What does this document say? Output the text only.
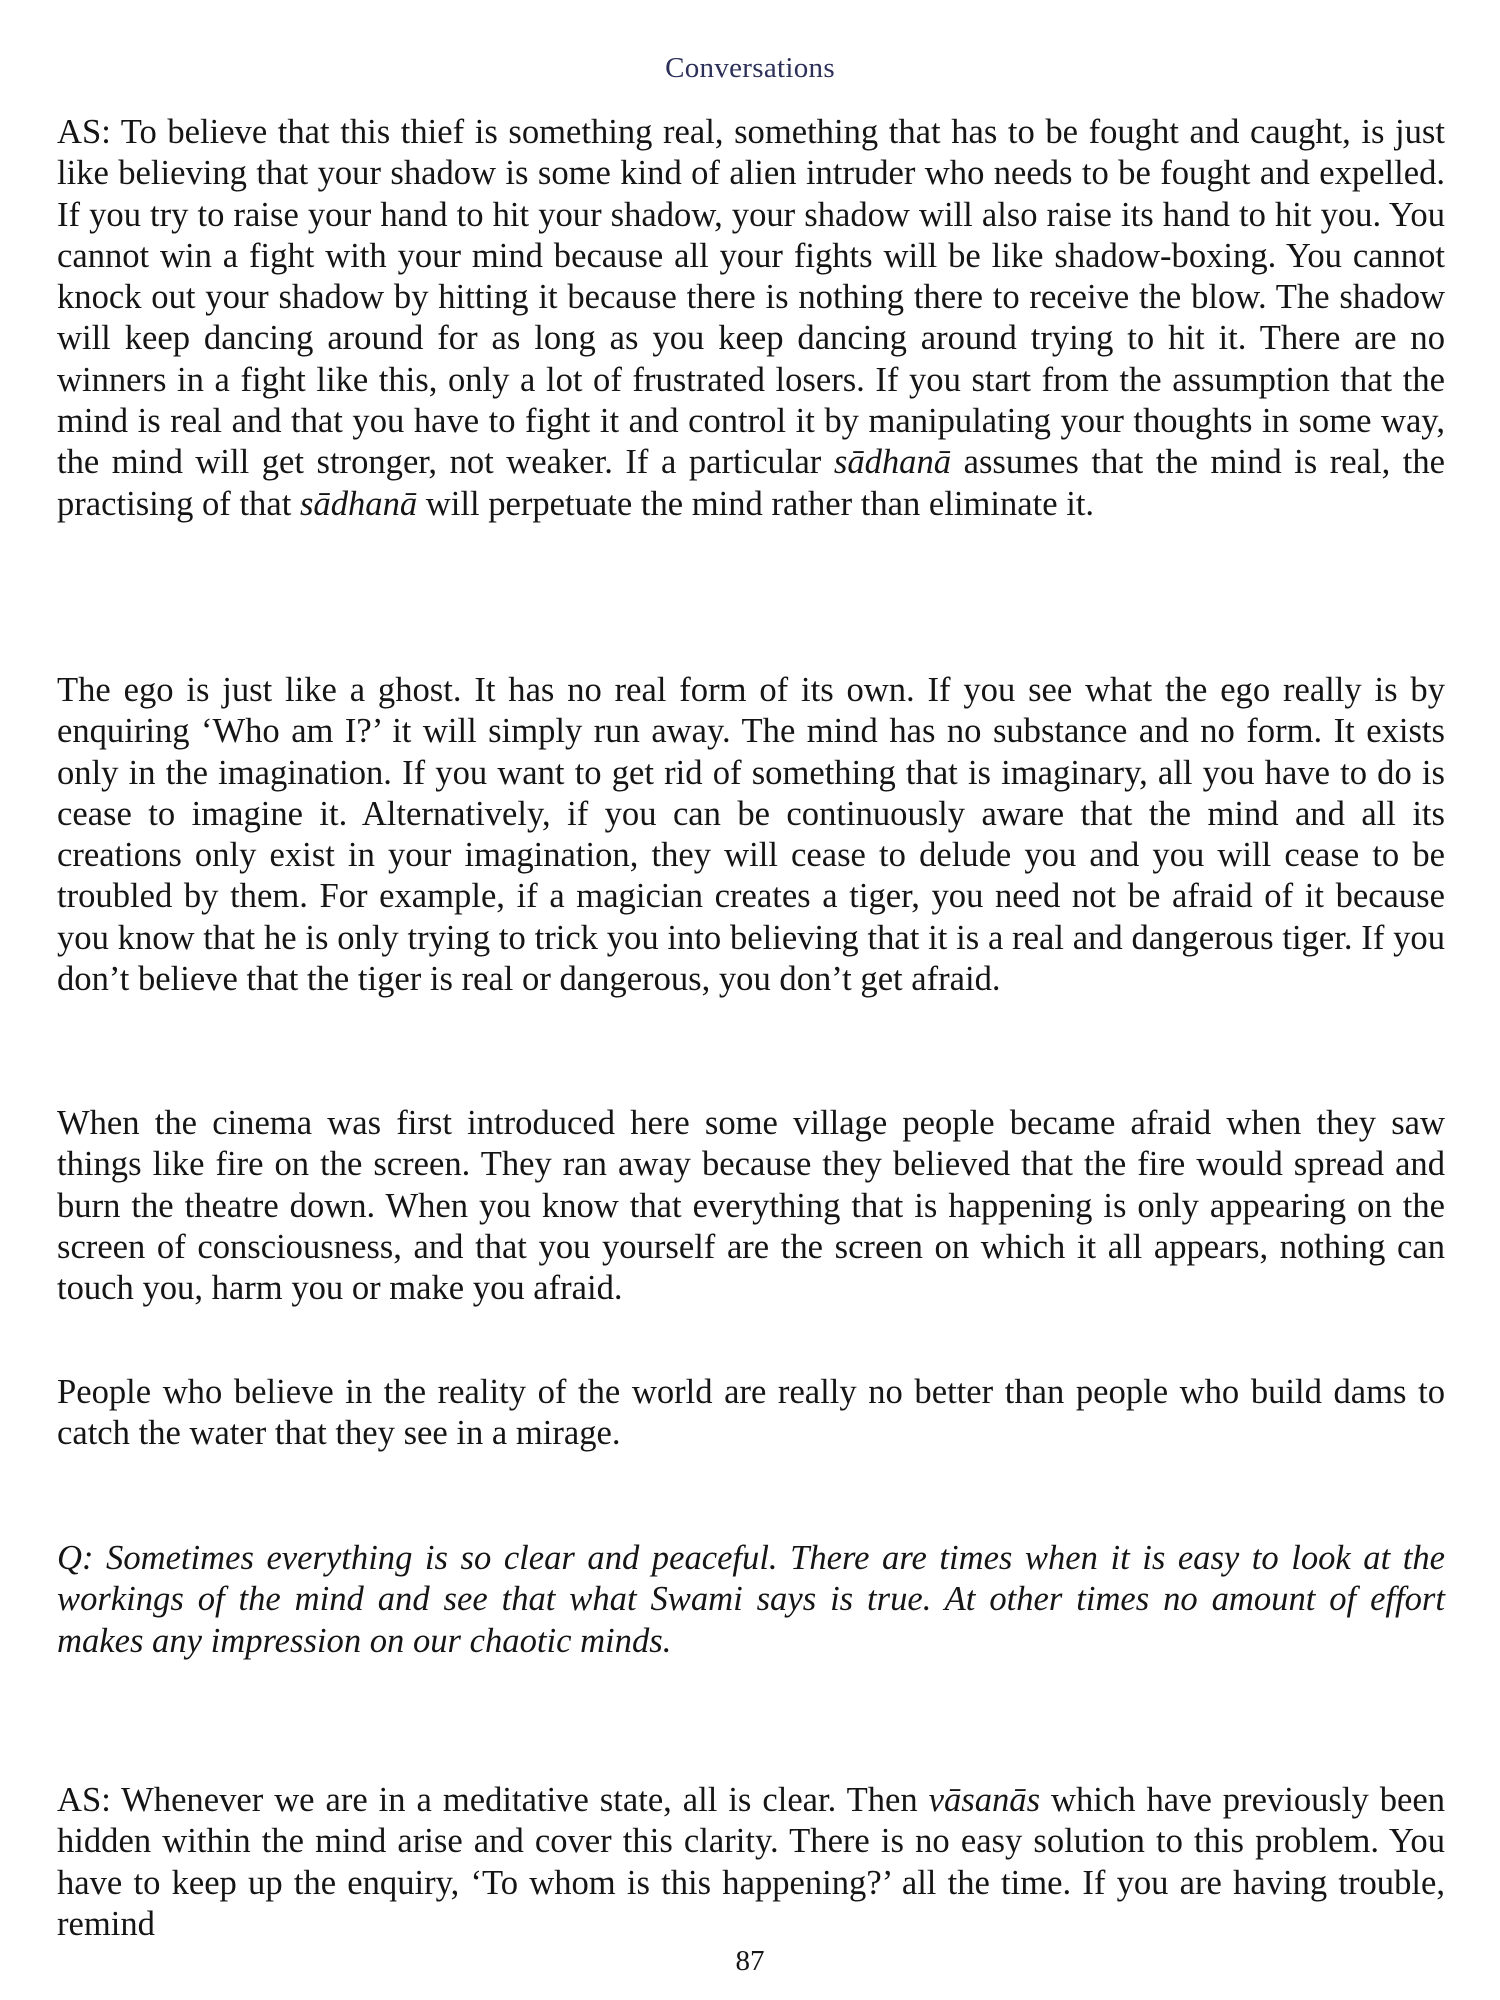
Conversations

AS: To believe that this thief is something real, something that has to be fought and caught, is just like believing that your shadow is some kind of alien intruder who needs to be fought and expelled. If you try to raise your hand to hit your shadow, your shadow will also raise its hand to hit you. You cannot win a fight with your mind because all your fights will be like shadow-boxing. You cannot knock out your shadow by hitting it because there is nothing there to receive the blow. The shadow will keep dancing around for as long as you keep dancing around trying to hit it. There are no winners in a fight like this, only a lot of frustrated losers. If you start from the assumption that the mind is real and that you have to fight it and control it by manipulating your thoughts in some way, the mind will get stronger, not weaker. If a particular sādhanā assumes that the mind is real, the practising of that sādhanā will perpetuate the mind rather than eliminate it.

The ego is just like a ghost. It has no real form of its own. If you see what the ego really is by enquiring ‘Who am I?’ it will simply run away. The mind has no substance and no form. It exists only in the imagination. If you want to get rid of something that is imaginary, all you have to do is cease to imagine it. Alternatively, if you can be continuously aware that the mind and all its creations only exist in your imagination, they will cease to delude you and you will cease to be troubled by them. For example, if a magician creates a tiger, you need not be afraid of it because you know that he is only trying to trick you into believing that it is a real and dangerous tiger. If you don’t believe that the tiger is real or dangerous, you don’t get afraid.

When the cinema was first introduced here some village people became afraid when they saw things like fire on the screen. They ran away because they believed that the fire would spread and burn the theatre down. When you know that everything that is happening is only appearing on the screen of consciousness, and that you yourself are the screen on which it all appears, nothing can touch you, harm you or make you afraid.

People who believe in the reality of the world are really no better than people who build dams to catch the water that they see in a mirage.

Q: Sometimes everything is so clear and peaceful. There are times when it is easy to look at the workings of the mind and see that what Swami says is true. At other times no amount of effort makes any impression on our chaotic minds.

AS: Whenever we are in a meditative state, all is clear. Then vāsanās which have previously been hidden within the mind arise and cover this clarity. There is no easy solution to this problem. You have to keep up the enquiry, ‘To whom is this happening?’ all the time. If you are having trouble, remind

87
